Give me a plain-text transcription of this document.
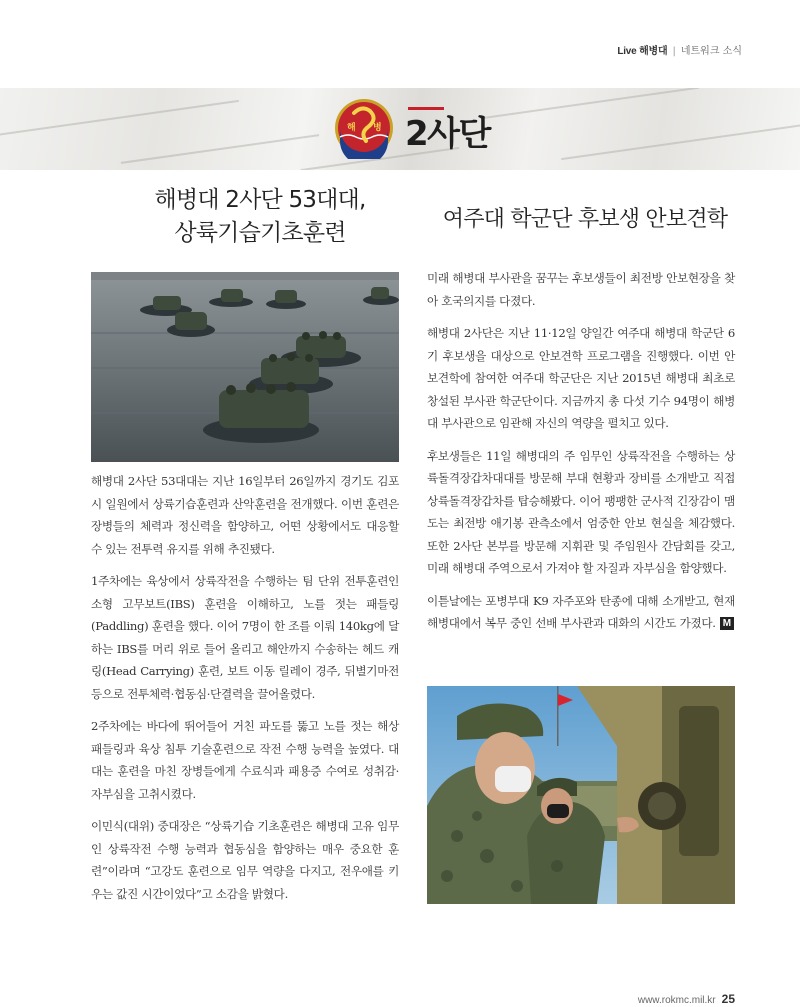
Live 해병대 | 네트워크 소식
해 병 2사단
해병대 2사단 53대대,
상륙기습기초훈련
여주대 학군단 후보생 안보견학

해병대 2사단 53대대는 지난 16일부터 26일까지 경기도 김포시 일원에서 상륙기습훈련과 산악훈련을 전개했다. 이번 훈련은 장병들의 체력과 정신력을 함양하고, 어떤 상황에서도 대응할 수 있는 전투력 유지를 위해 추진됐다.

1주차에는 육상에서 상륙작전을 수행하는 팀 단위 전투훈련인 소형 고무보트(IBS) 훈련을 이해하고, 노를 젓는 패들링(Paddling) 훈련을 했다. 이어 7명이 한 조를 이뤄 140kg에 달하는 IBS를 머리 위로 들어 올리고 해안까지 수송하는 헤드 캐링(Head Carrying) 훈련, 보트 이동 릴레이 경주, 뒤별기마전 등으로 전투체력·협동심·단결력을 끌어올렸다.

2주차에는 바다에 뛰어들어 거친 파도를 뚫고 노를 젓는 해상 패들링과 육상 침투 기술훈련으로 작전 수행 능력을 높였다. 대대는 훈련을 마친 장병들에게 수료식과 패용증 수여로 성취감·자부심을 고취시켰다.

이민식(대위) 중대장은 “상륙기습 기초훈련은 해병대 고유 임무인 상륙작전 수행 능력과 협동심을 함양하는 매우 중요한 훈련”이라며 “고강도 훈련으로 임무 역량을 다지고, 전우애를 키우는 값진 시간이었다”고 소감을 밝혔다.

미래 해병대 부사관을 꿈꾸는 후보생들이 최전방 안보현장을 찾아 호국의지를 다졌다.

해병대 2사단은 지난 11·12일 양일간 여주대 해병대 학군단 6기 후보생을 대상으로 안보견학 프로그램을 진행했다. 이번 안보견학에 참여한 여주대 학군단은 지난 2015년 해병대 최초로 창설된 부사관 학군단이다. 지금까지 총 다섯 기수 94명이 해병대 부사관으로 임관해 자신의 역량을 펼치고 있다.

후보생들은 11일 해병대의 주 임무인 상륙작전을 수행하는 상륙돌격장갑차대대를 방문해 부대 현황과 장비를 소개받고 직접 상륙돌격장갑차를 탑승해봤다. 이어 팽팽한 군사적 긴장감이 맴도는 최전방 애기봉 관측소에서 엄중한 안보 현실을 체감했다. 또한 2사단 본부를 방문해 지휘관 및 주임원사 간담회를 갖고, 미래 해병대 주역으로서 가져야 할 자질과 자부심을 함양했다.

이튿날에는 포병부대 K9 자주포와 탄종에 대해 소개받고, 현재 해병대에서 복무 중인 선배 부사관과 대화의 시간도 가졌다. M

www.rokmc.mil.kr 25
